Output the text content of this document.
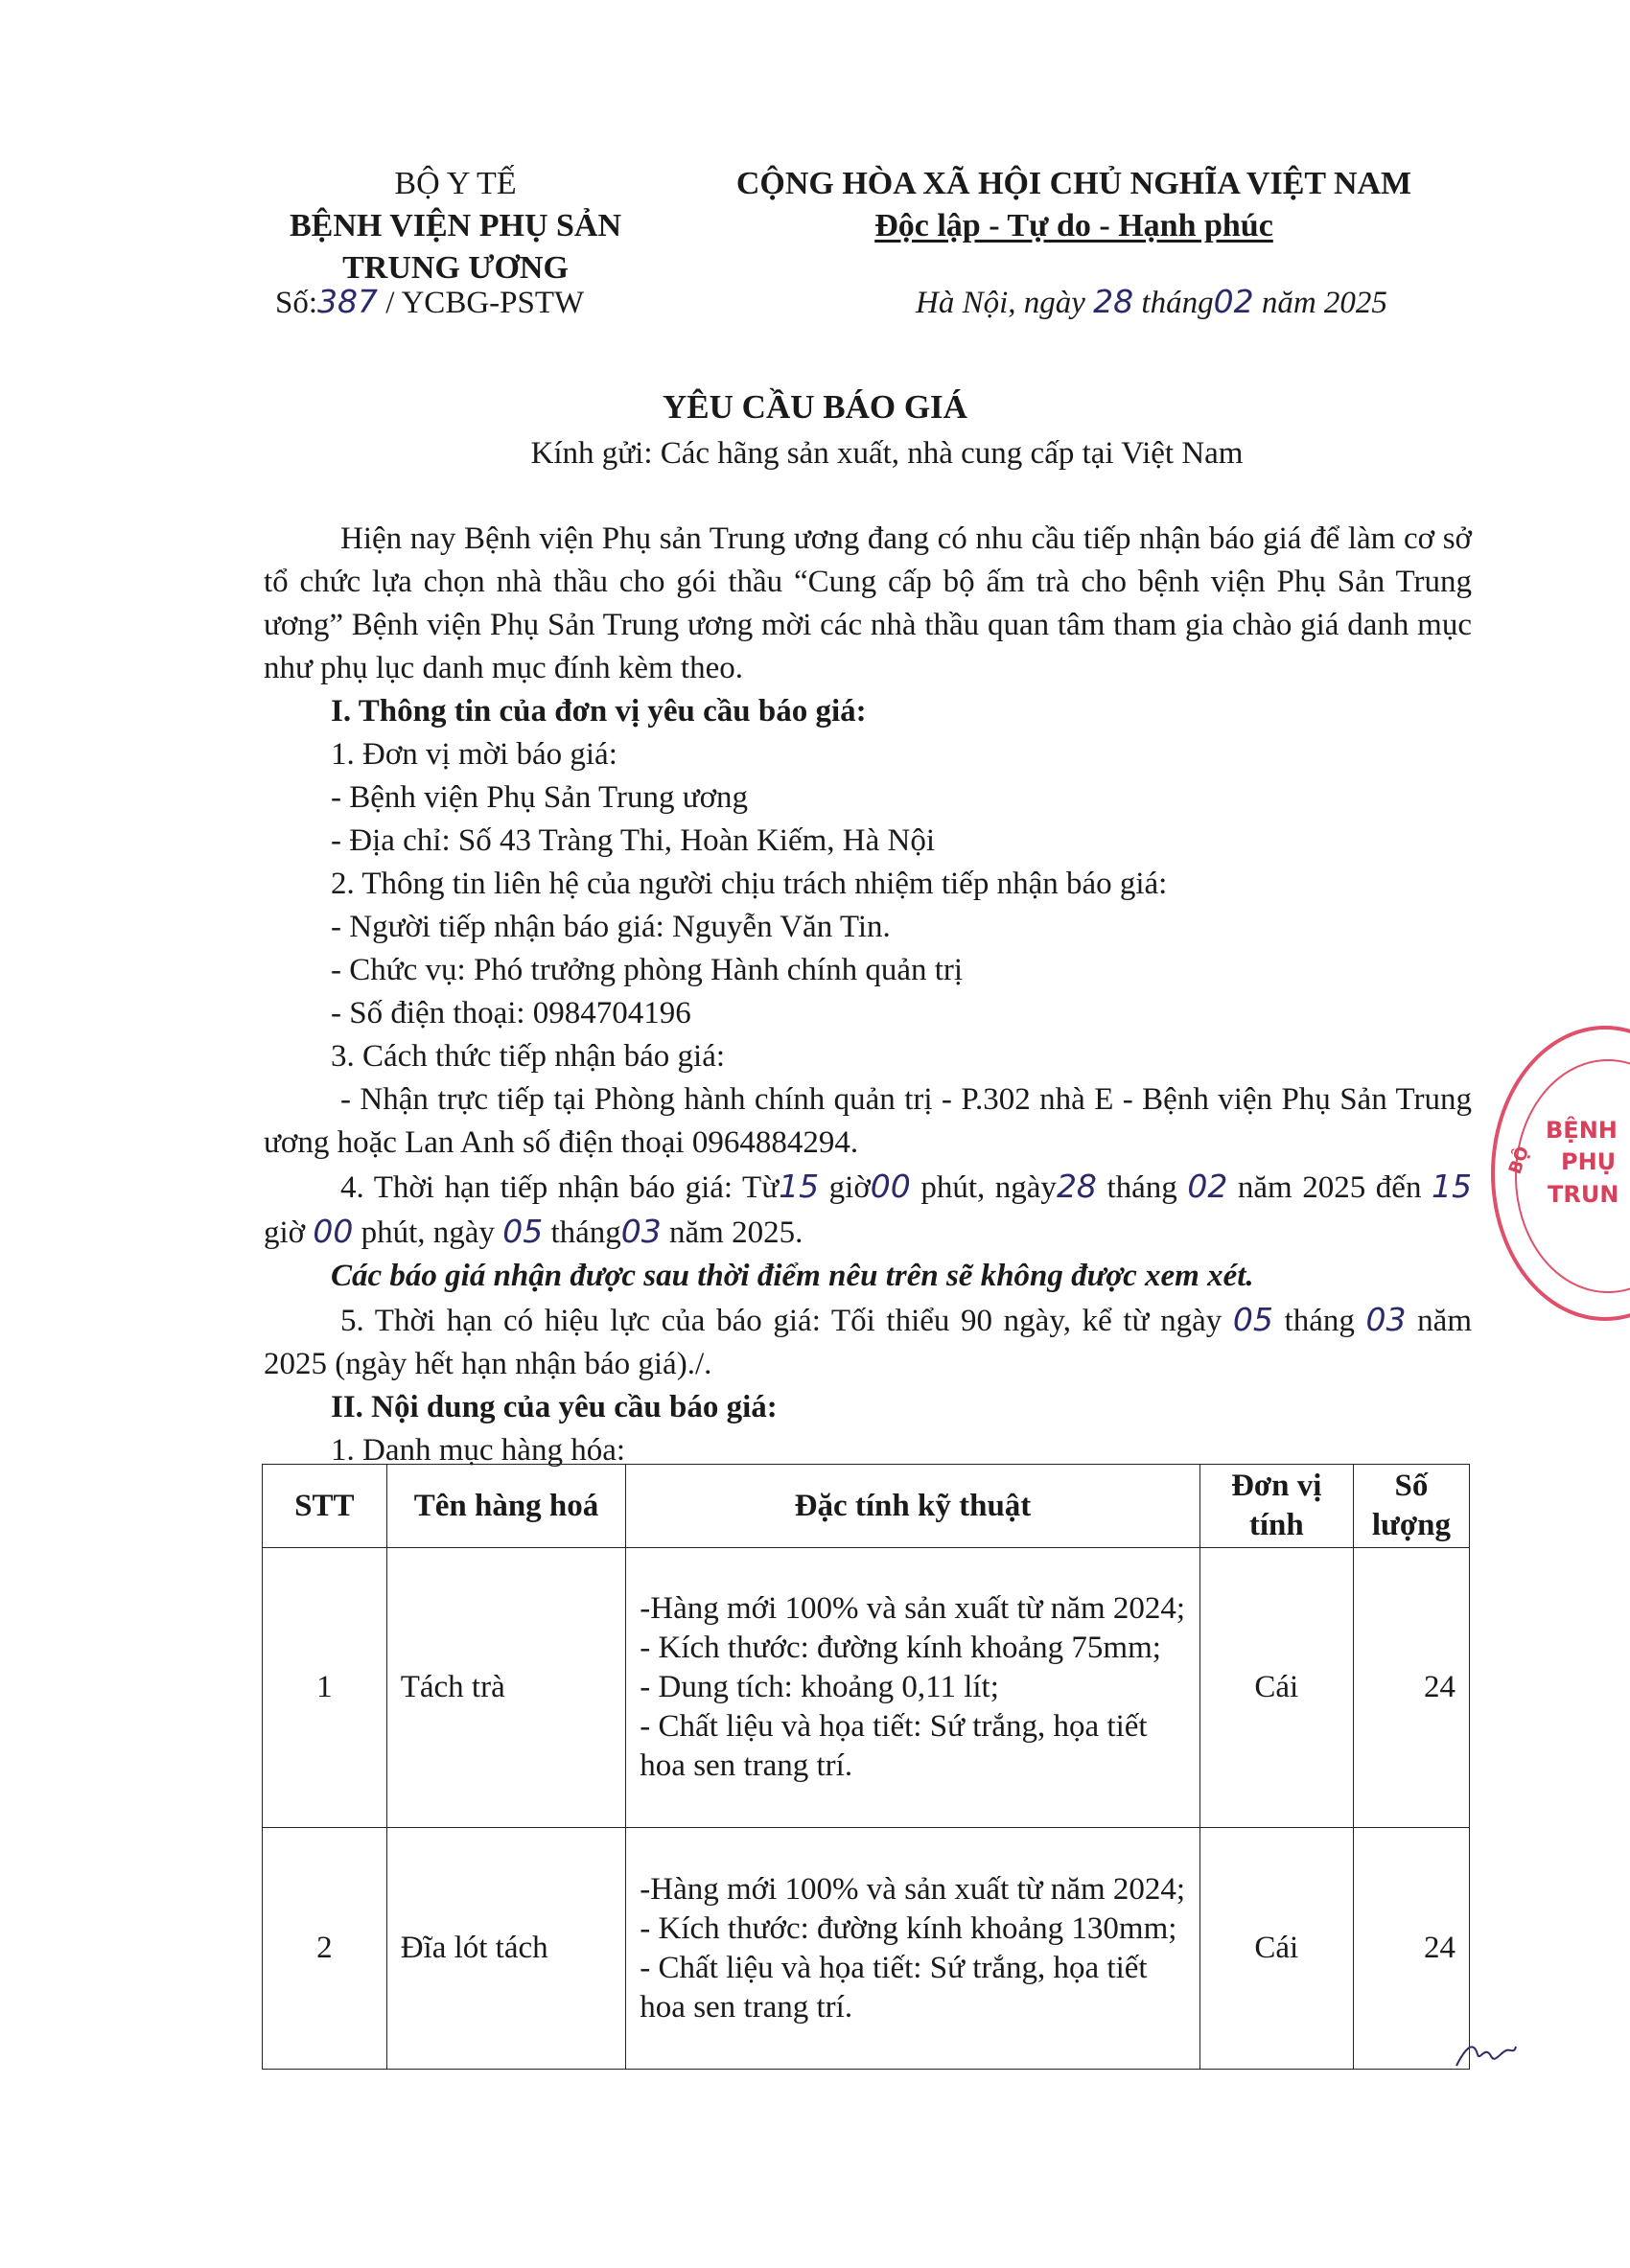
BỘ Y TẾ
BỆNH VIỆN PHỤ SẢN
TRUNG ƯƠNG
Số:387 / YCBG-PSTW
CỘNG HÒA XÃ HỘI CHỦ NGHĨA VIỆT NAM
Độc lập - Tự do - Hạnh phúc
Hà Nội, ngày 28 tháng02 năm 2025
YÊU CẦU BÁO GIÁ
Kính gửi: Các hãng sản xuất, nhà cung cấp tại Việt Nam

Hiện nay Bệnh viện Phụ sản Trung ương đang có nhu cầu tiếp nhận báo giá để làm cơ sở tổ chức lựa chọn nhà thầu cho gói thầu “Cung cấp bộ ấm trà cho bệnh viện Phụ Sản Trung ương” Bệnh viện Phụ Sản Trung ương mời các nhà thầu quan tâm tham gia chào giá danh mục như phụ lục danh mục đính kèm theo.

I. Thông tin của đơn vị yêu cầu báo giá:

1. Đơn vị mời báo giá:

- Bệnh viện Phụ Sản Trung ương

- Địa chỉ: Số 43 Tràng Thi, Hoàn Kiếm, Hà Nội

2. Thông tin liên hệ của người chịu trách nhiệm tiếp nhận báo giá:

- Người tiếp nhận báo giá: Nguyễn Văn Tin.

- Chức vụ: Phó trưởng phòng Hành chính quản trị

- Số điện thoại: 0984704196

3. Cách thức tiếp nhận báo giá:

- Nhận trực tiếp tại Phòng hành chính quản trị - P.302 nhà E - Bệnh viện Phụ Sản Trung ương hoặc Lan Anh số điện thoại 0964884294.

4. Thời hạn tiếp nhận báo giá: Từ15 giờ00 phút, ngày28 tháng 02 năm 2025 đến 15 giờ 00 phút, ngày 05 tháng03 năm 2025.

Các báo giá nhận được sau thời điểm nêu trên sẽ không được xem xét.

5. Thời hạn có hiệu lực của báo giá: Tối thiểu 90 ngày, kể từ ngày 05 tháng 03 năm 2025 (ngày hết hạn nhận báo giá)./.

II. Nội dung của yêu cầu báo giá:

1. Danh mục hàng hóa:

STT	Tên hàng hoá	Đặc tính kỹ thuật	Đơn vị tính	Số lượng
1	Tách trà	-Hàng mới 100% và sản xuất từ năm 2024;
- Kích thước: đường kính khoảng 75mm;
- Dung tích: khoảng 0,11 lít;
- Chất liệu và họa tiết: Sứ trắng, họa tiết hoa sen trang trí.	Cái	24
2	Đĩa lót tách	-Hàng mới 100% và sản xuất từ năm 2024;
- Kích thước: đường kính khoảng 130mm;
- Chất liệu và họa tiết: Sứ trắng, họa tiết hoa sen trang trí.	Cái	24
BỆNH
PHỤ
TRUN
BỘ
